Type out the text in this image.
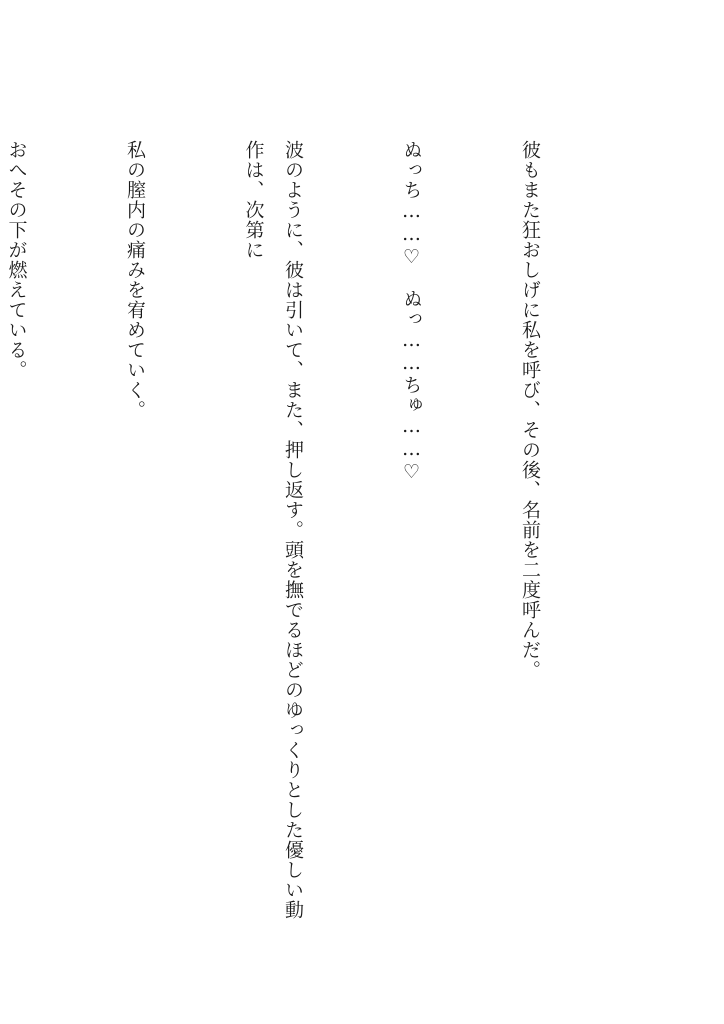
彼もまた狂おしげに私を呼び、その後、名前を二度呼んだ。

ぬっち……♡　ぬっ……ちゅ……♡

波のように、彼は引いて、また、押し返す。頭を撫でるほどのゆっくりとした優しい動作は、次第に

私の膣内の痛みを宥めていく。

おへその下が燃えている。
